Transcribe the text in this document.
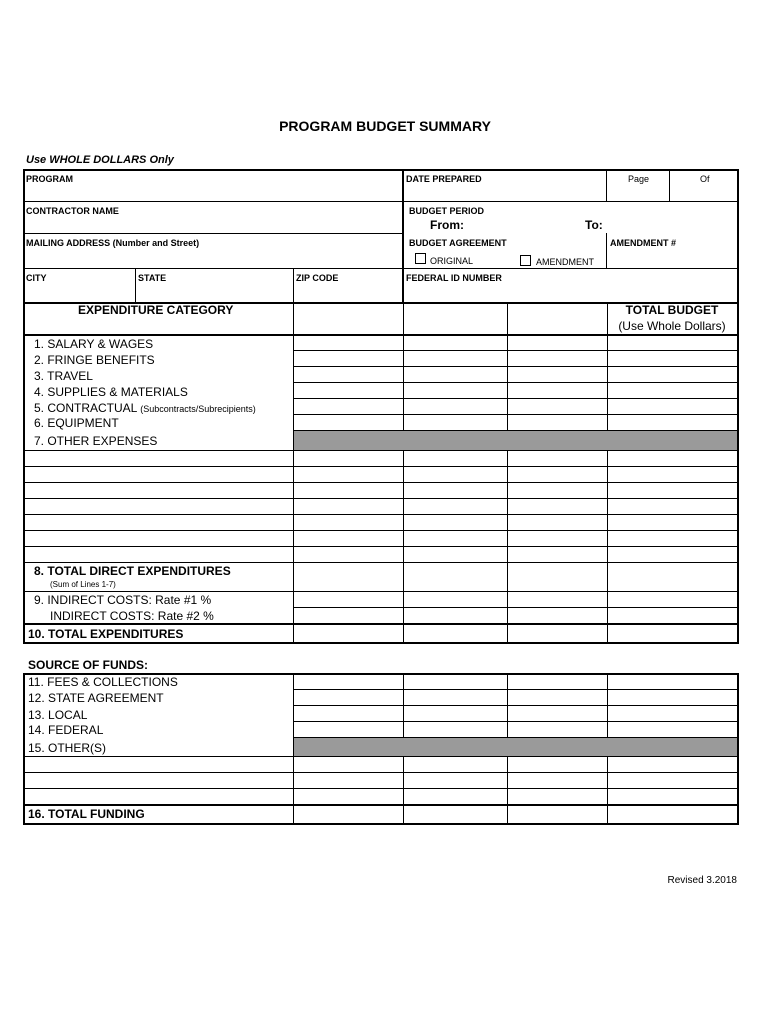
PROGRAM BUDGET SUMMARY
Use WHOLE DOLLARS Only
PROGRAM	DATE PREPARED	Page	Of
CONTRACTOR NAME	BUDGET PERIOD
From:	To:
MAILING ADDRESS (Number and Street)	BUDGET AGREEMENT
ORIGINAL	AMENDMENT
AMENDMENT #
CITY	STATE	ZIP CODE	FEDERAL ID NUMBER
EXPENDITURE CATEGORY	TOTAL BUDGET
(Use Whole Dollars)
1. SALARY & WAGES
2. FRINGE BENEFITS
3. TRAVEL
4. SUPPLIES & MATERIALS
5. CONTRACTUAL (Subcontracts/Subrecipients)
6. EQUIPMENT
7. OTHER EXPENSES
8. TOTAL DIRECT EXPENDITURES
(Sum of Lines 1-7)
9. INDIRECT COSTS: Rate #1 %
INDIRECT COSTS: Rate #2 %
10. TOTAL EXPENDITURES
SOURCE OF FUNDS:
11. FEES & COLLECTIONS
12. STATE AGREEMENT
13. LOCAL
14. FEDERAL
15. OTHER(S)
16. TOTAL FUNDING
Revised 3.2018
